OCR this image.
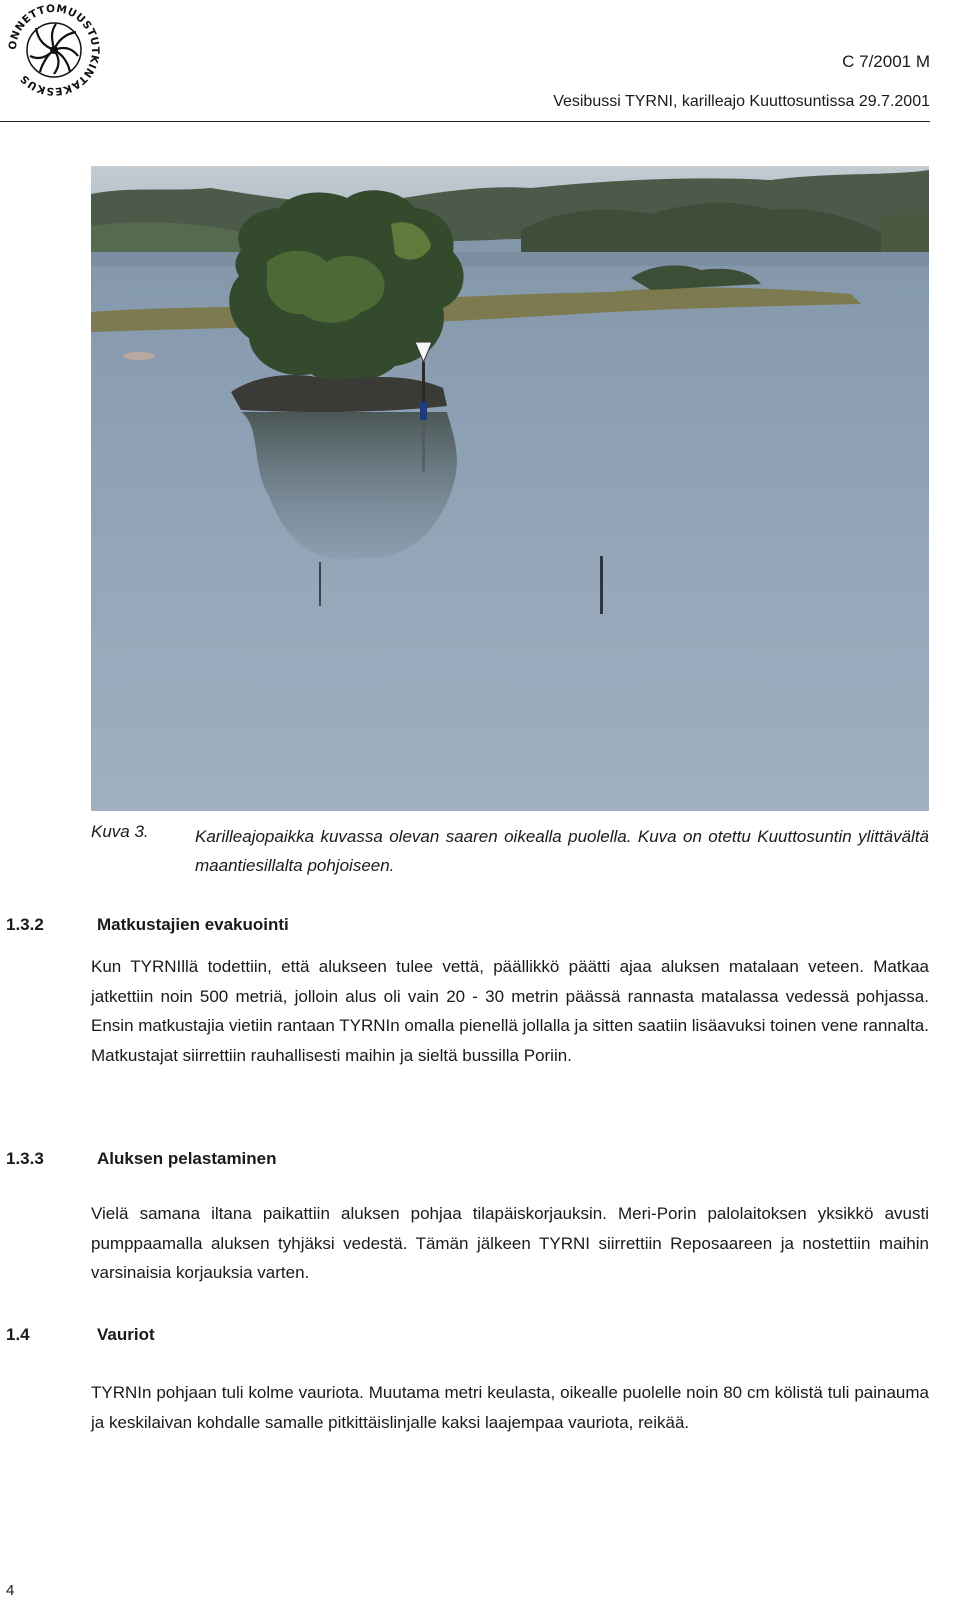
ONNETTOMUUSTUTKINTAKESKUS
C 7/2001 M
Vesibussi TYRNI, karilleajo Kuuttosuntissa 29.7.2001
Kuva 3.	Karilleajopaikka kuvassa olevan saaren oikealla puolella. Kuva on otettu Kuuttosuntin ylittävältä maantiesillalta pohjoiseen.
1.3.2	Matkustajien evakuointi
Kun TYRNIllä todettiin, että alukseen tulee vettä, päällikkö päätti ajaa aluksen matalaan veteen. Matkaa jatkettiin noin 500 metriä, jolloin alus oli vain 20 - 30 metrin päässä rannasta matalassa vedessä pohjassa. Ensin matkustajia vietiin rantaan TYRNIn omalla pienellä jollalla ja sitten saatiin lisäavuksi toinen vene rannalta. Matkustajat siirrettiin rauhallisesti maihin ja sieltä bussilla Poriin.
1.3.3	Aluksen pelastaminen
Vielä samana iltana paikattiin aluksen pohjaa tilapäiskorjauksin. Meri-Porin palolaitoksen yksikkö avusti pumppaamalla aluksen tyhjäksi vedestä. Tämän jälkeen TYRNI siirrettiin Reposaareen ja nostettiin maihin varsinaisia korjauksia varten.
1.4	Vauriot
TYRNIn pohjaan tuli kolme vauriota. Muutama metri keulasta, oikealle puolelle noin 80 cm kölistä tuli painauma ja keskilaivan kohdalle samalle pitkittäislinjalle kaksi laajempaa vauriota, reikää.
4
